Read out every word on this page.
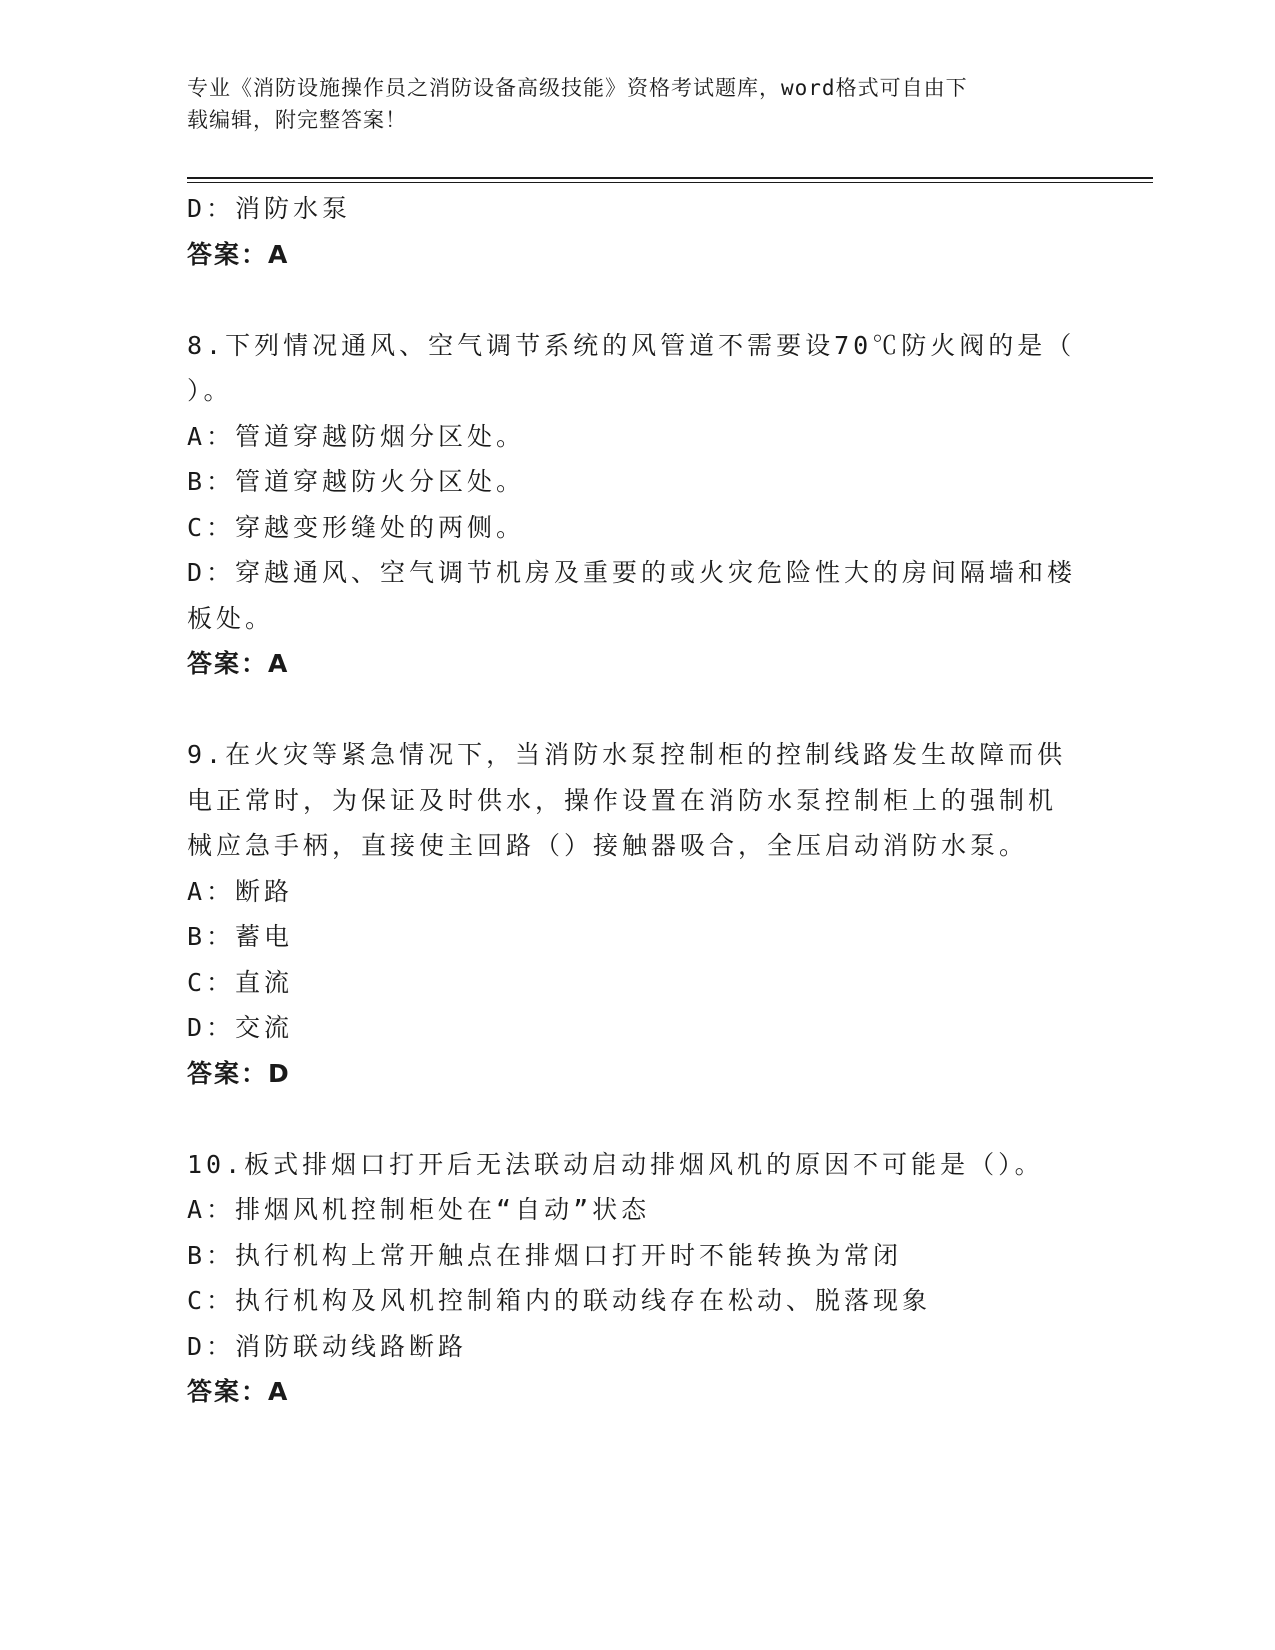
专业《消防设施操作员之消防设备高级技能》资格考试题库，word格式可自由下
载编辑，附完整答案！
D：消防水泵
答案：A
8.下列情况通风、空气调节系统的风管道不需要设70℃防火阀的是（
）。
A：管道穿越防烟分区处。
B：管道穿越防火分区处。
C：穿越变形缝处的两侧。
D：穿越通风、空气调节机房及重要的或火灾危险性大的房间隔墙和楼
板处。
答案：A
9.在火灾等紧急情况下，当消防水泵控制柜的控制线路发生故障而供
电正常时，为保证及时供水，操作设置在消防水泵控制柜上的强制机
械应急手柄，直接使主回路（）接触器吸合，全压启动消防水泵。
A：断路
B：蓄电
C：直流
D：交流
答案：D
10.板式排烟口打开后无法联动启动排烟风机的原因不可能是（）。
A：排烟风机控制柜处在“自动”状态
B：执行机构上常开触点在排烟口打开时不能转换为常闭
C：执行机构及风机控制箱内的联动线存在松动、脱落现象
D：消防联动线路断路
答案：A
